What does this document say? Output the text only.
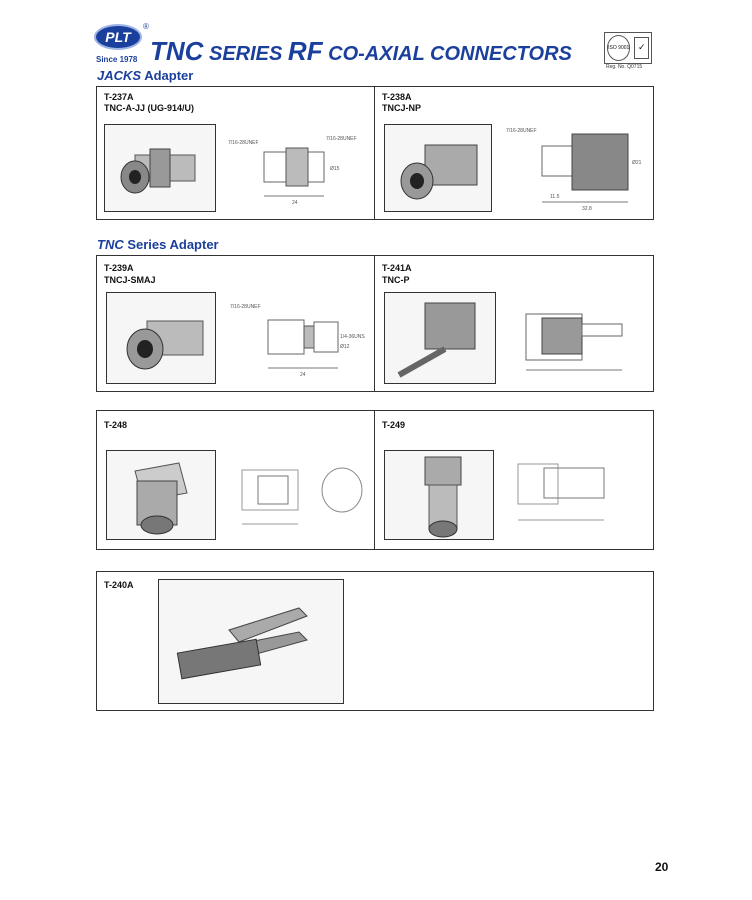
PLT
®
Since 1978 TNC SERIES RF CO-AXIAL CONNECTORS	ISO 9001 ✓
Reg. No. Q0715
JACKS Adapter
T-237A
TNC-A-JJ (UG-914/U)
7/16-28UNEF
7/16-28UNEF
24
Ø15
T-238A
TNCJ-NP
7/16-28UNEF
Ø21
11.5
32.8
TNC Series Adapter
T-239A
TNCJ-SMAJ
7/16-28UNEF
1/4-36UNS
Ø12
24
T-241A
TNC-P
T-248	T-249
T-240A
20
